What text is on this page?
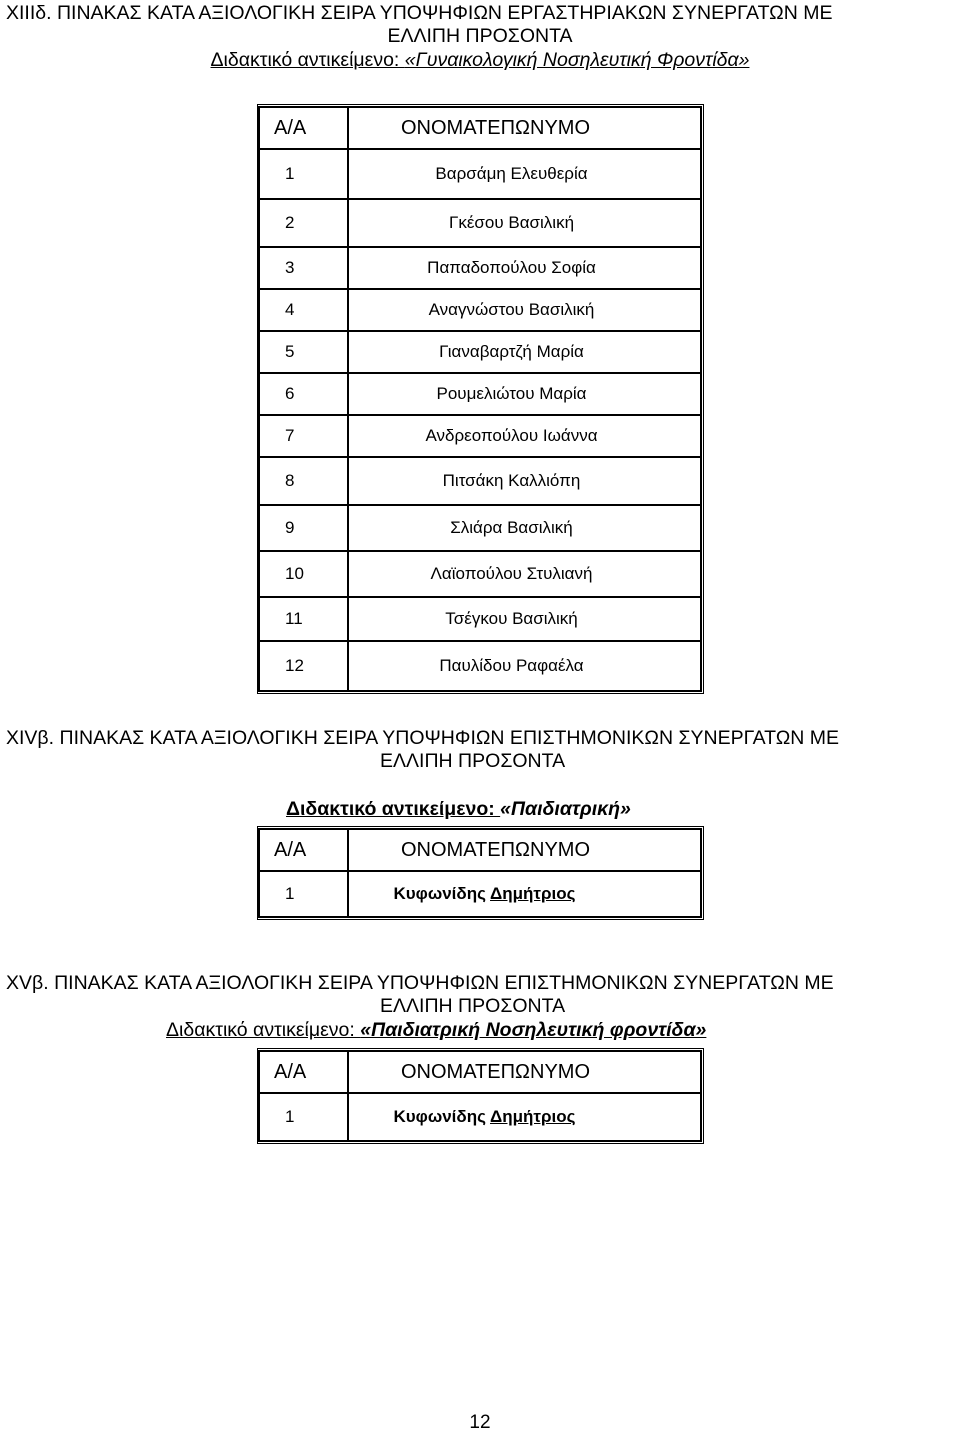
XIIIδ. ΠΙΝΑΚΑΣ ΚΑΤΑ ΑΞΙΟΛΟΓΙΚΗ ΣΕΙΡΑ ΥΠΟΨΗΦΙΩΝ ΕΡΓΑΣΤΗΡΙΑΚΩΝ ΣΥΝΕΡΓΑΤΩΝ ΜΕ
ΕΛΛΙΠΗ ΠΡΟΣΟΝΤΑ
Διδακτικό αντικείμενο: «Γυναικολογική Νοσηλευτική Φροντίδα»
Α/Α	ΟΝΟΜΑΤΕΠΩΝΥΜΟ
1	Βαρσάμη Ελευθερία
2	Γκέσου Βασιλική
3	Παπαδοπούλου Σοφία
4	Αναγνώστου Βασιλική
5	Γιαναβαρτζή Μαρία
6	Ρουμελιώτου Μαρία
7	Ανδρεοπούλου Ιωάννα
8	Πιτσάκη Καλλιόπη
9	Σλιάρα Βασιλική
10	Λαϊοπούλου Στυλιανή
11	Τσέγκου Βασιλική
12	Παυλίδου Ραφαέλα
XIVβ. ΠΙΝΑΚΑΣ ΚΑΤΑ ΑΞΙΟΛΟΓΙΚΗ ΣΕΙΡΑ ΥΠΟΨΗΦΙΩΝ ΕΠΙΣΤΗΜΟΝΙΚΩΝ ΣΥΝΕΡΓΑΤΩΝ ΜΕ
ΕΛΛΙΠΗ ΠΡΟΣΟΝΤΑ
Διδακτικό αντικείμενο: «Παιδιατρική»
Α/Α	ΟΝΟΜΑΤΕΠΩΝΥΜΟ
1	Κυφωνίδης Δημήτριος
XVβ. ΠΙΝΑΚΑΣ ΚΑΤΑ ΑΞΙΟΛΟΓΙΚΗ ΣΕΙΡΑ ΥΠΟΨΗΦΙΩΝ ΕΠΙΣΤΗΜΟΝΙΚΩΝ ΣΥΝΕΡΓΑΤΩΝ ΜΕ
ΕΛΛΙΠΗ ΠΡΟΣΟΝΤΑ
Διδακτικό αντικείμενο: «Παιδιατρική Νοσηλευτική φροντίδα»
Α/Α	ΟΝΟΜΑΤΕΠΩΝΥΜΟ
1	Κυφωνίδης Δημήτριος
12
